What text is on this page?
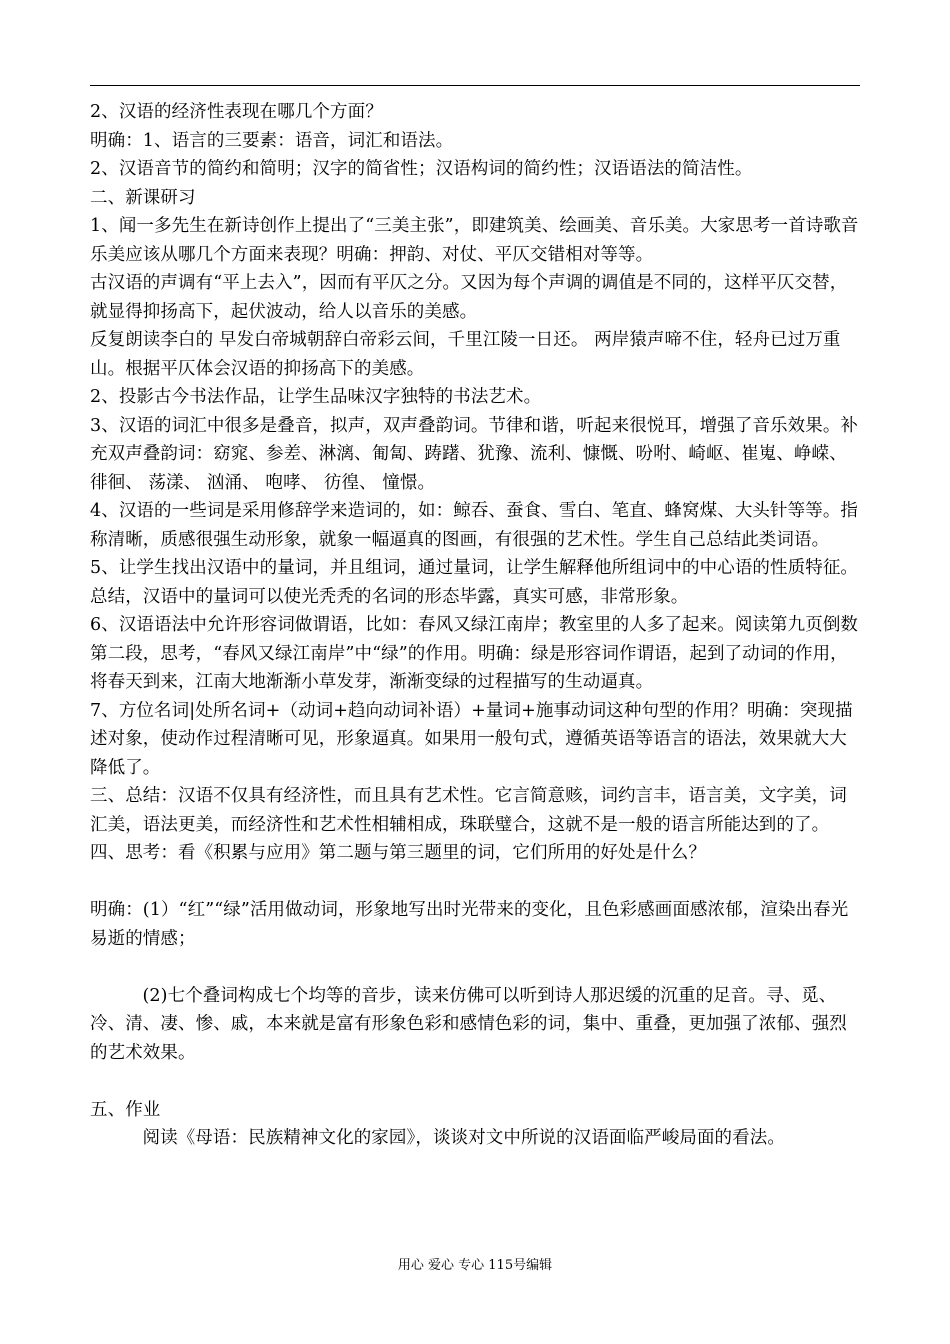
2、汉语的经济性表现在哪几个方面？

明确：1、语言的三要素：语音，词汇和语法。

2、汉语音节的简约和简明；汉字的简省性；汉语构词的简约性；汉语语法的简洁性。

二、新课研习

1、闻一多先生在新诗创作上提出了“三美主张”，即建筑美、绘画美、音乐美。大家思考一首诗歌音乐美应该从哪几个方面来表现？明确：押韵、对仗、平仄交错相对等等。

古汉语的声调有“平上去入”，因而有平仄之分。又因为每个声调的调值是不同的，这样平仄交替，就显得抑扬高下，起伏波动，给人以音乐的美感。

反复朗读李白的 早发白帝城朝辞白帝彩云间，千里江陵一日还。 两岸猿声啼不住，轻舟已过万重山。根据平仄体会汉语的抑扬高下的美感。

2、投影古今书法作品，让学生品味汉字独特的书法艺术。

3、汉语的词汇中很多是叠音，拟声，双声叠韵词。节律和谐，听起来很悦耳，增强了音乐效果。补充双声叠韵词：窈窕、参差、淋漓、匍匐、踌躇、犹豫、流利、慷慨、吩咐、崎岖、崔嵬、峥嵘、 徘徊、 荡漾、 汹涌、 咆哮、 彷徨、 憧憬。

4、汉语的一些词是采用修辞学来造词的，如：鲸吞、蚕食、雪白、笔直、蜂窝煤、大头针等等。指称清晰，质感很强生动形象，就象一幅逼真的图画，有很强的艺术性。学生自己总结此类词语。

5、让学生找出汉语中的量词，并且组词，通过量词，让学生解释他所组词中的中心语的性质特征。总结，汉语中的量词可以使光秃秃的名词的形态毕露，真实可感，非常形象。

6、汉语语法中允许形容词做谓语，比如：春风又绿江南岸；教室里的人多了起来。阅读第九页倒数第二段，思考，“春风又绿江南岸”中“绿”的作用。明确：绿是形容词作谓语，起到了动词的作用，将春天到来，江南大地渐渐小草发芽，渐渐变绿的过程描写的生动逼真。

7、方位名词|处所名词+（动词+趋向动词补语）+量词+施事动词这种句型的作用？明确：突现描述对象，使动作过程清晰可见，形象逼真。如果用一般句式，遵循英语等语言的语法，效果就大大降低了。

三、总结：汉语不仅具有经济性，而且具有艺术性。它言简意赅，词约言丰，语言美，文字美，词汇美，语法更美，而经济性和艺术性相辅相成，珠联璧合，这就不是一般的语言所能达到的了。

四、思考：看《积累与应用》第二题与第三题里的词，它们所用的好处是什么？

明确：(1）“红”“绿”活用做动词，形象地写出时光带来的变化，且色彩感画面感浓郁，渲染出春光易逝的情感；

(2)七个叠词构成七个均等的音步，读来仿佛可以听到诗人那迟缓的沉重的足音。寻、觅、冷、清、凄、惨、戚，本来就是富有形象色彩和感情色彩的词，集中、重叠，更加强了浓郁、强烈的艺术效果。

五、作业

阅读《母语：民族精神文化的家园》，谈谈对文中所说的汉语面临严峻局面的看法。

用心 爱心 专心 115号编辑
